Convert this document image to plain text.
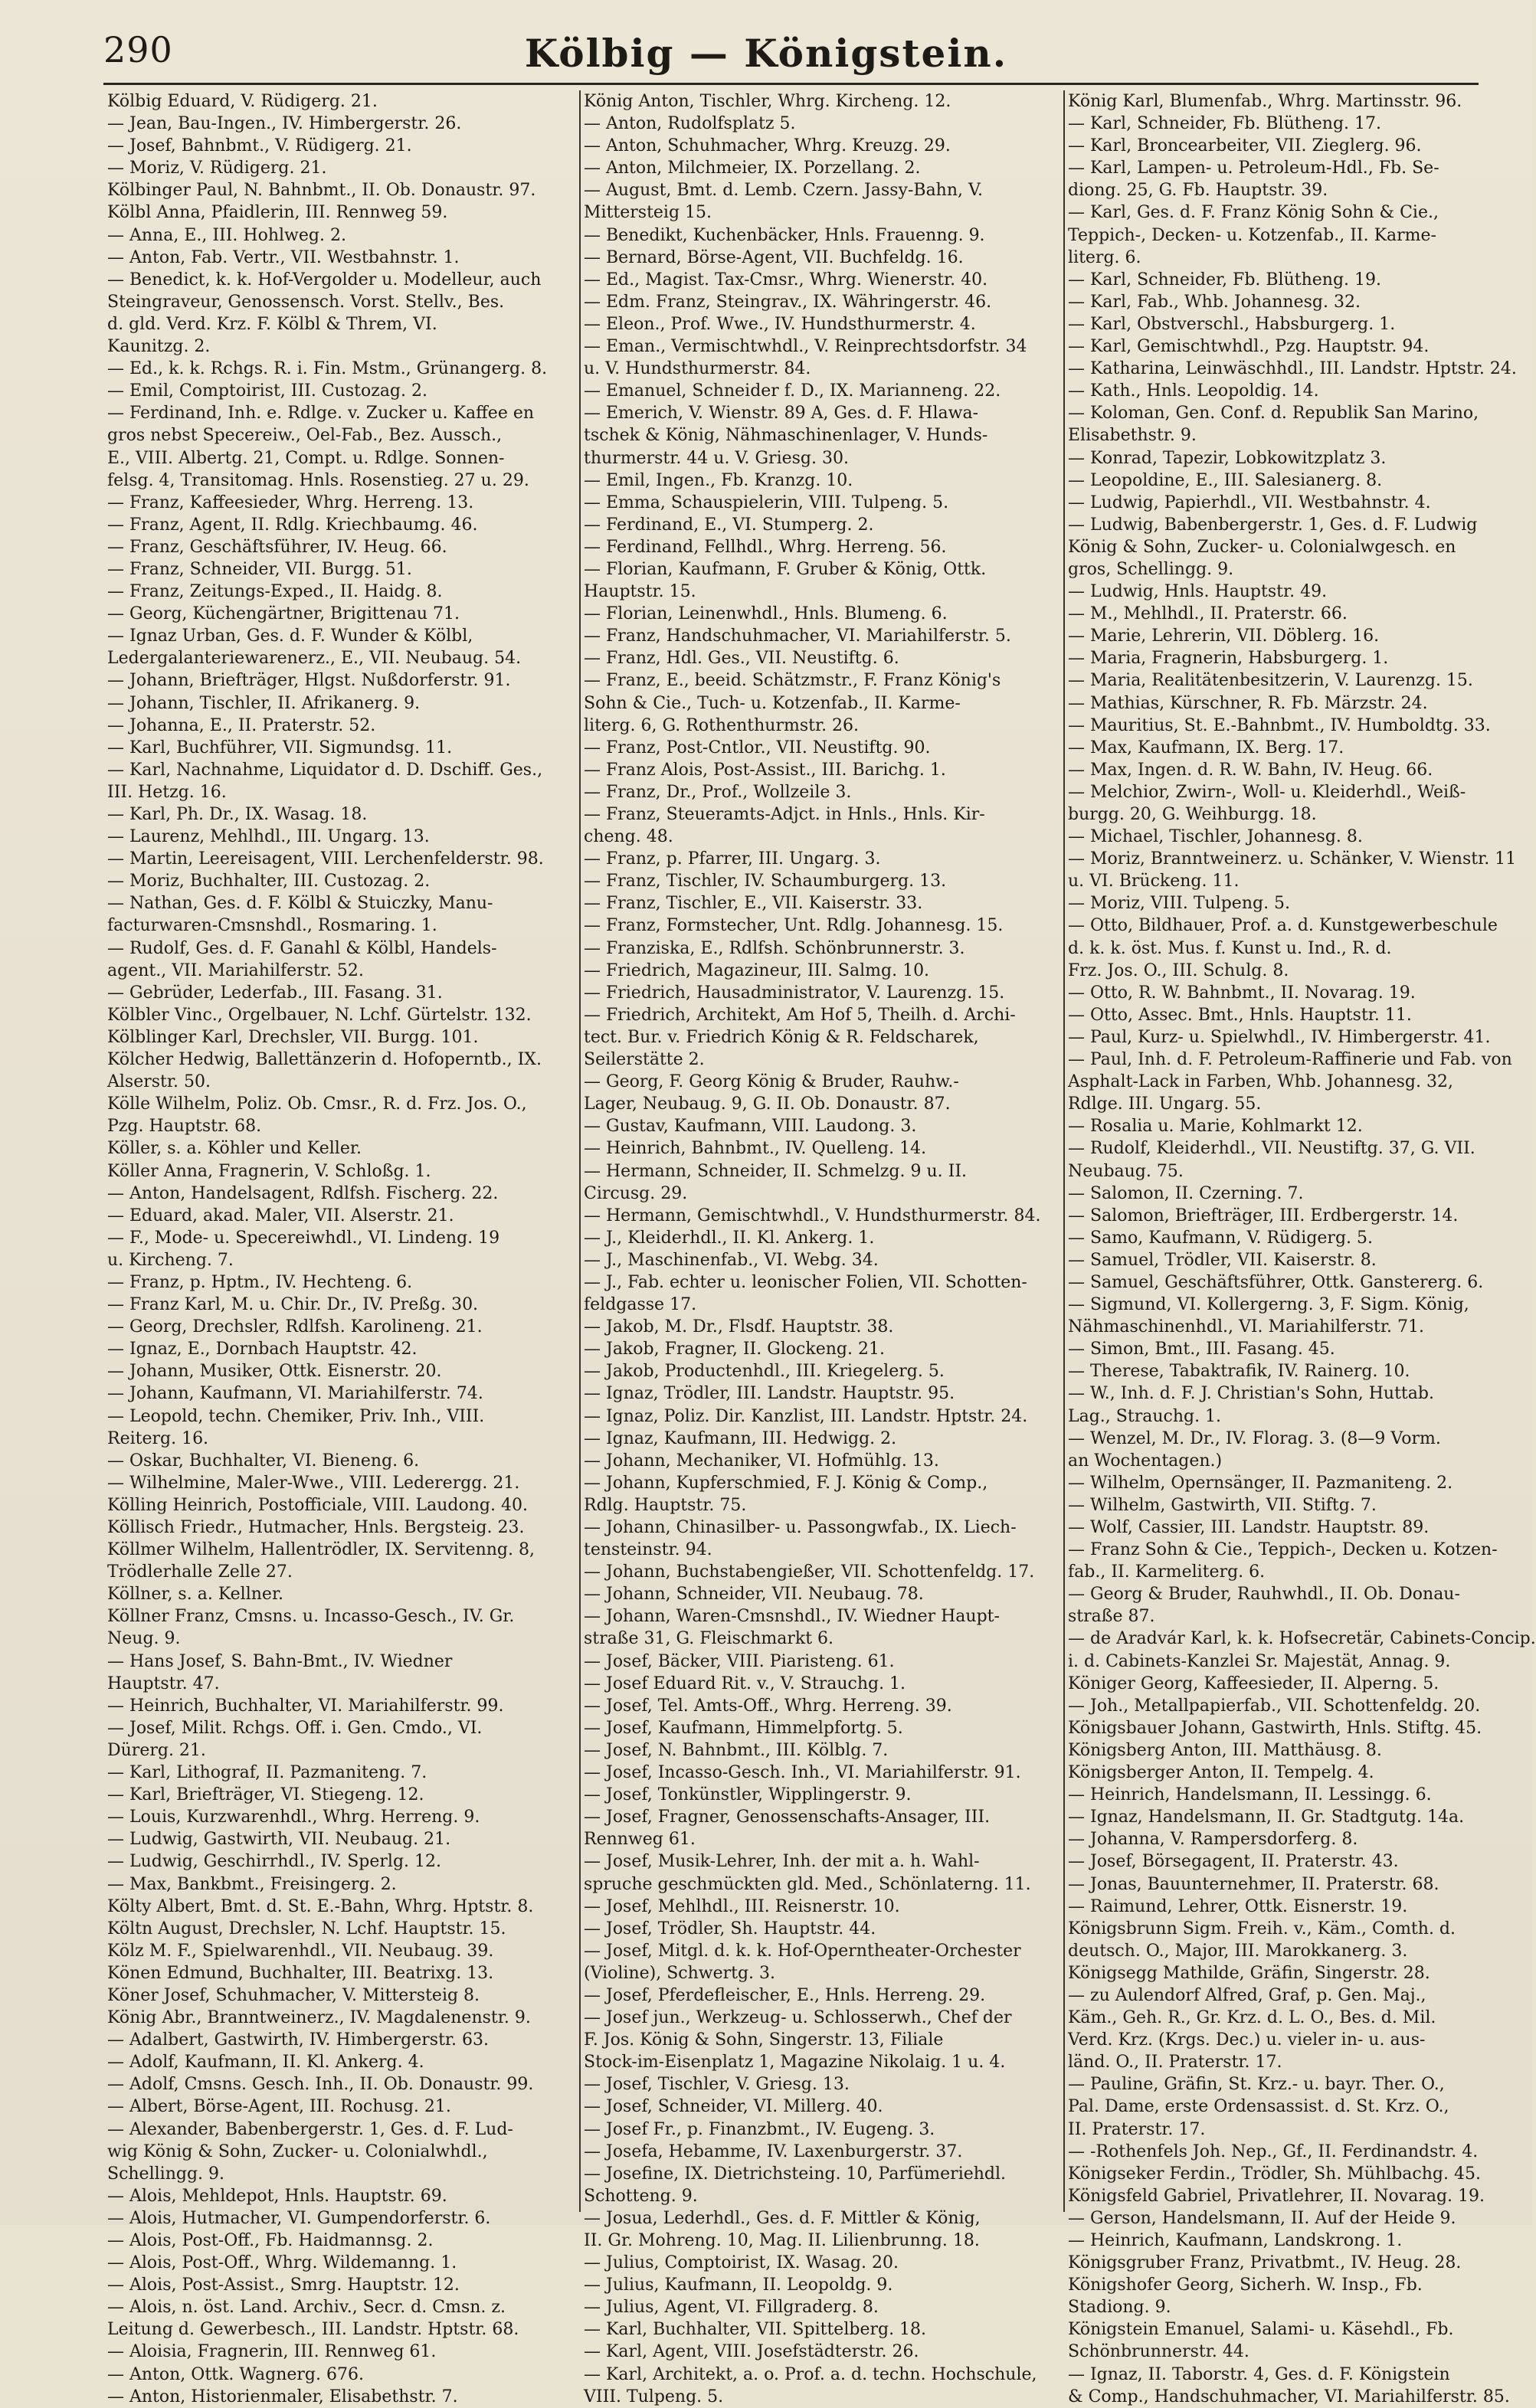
290	Kölbig — Königstein.
Kölbig Eduard, V. Rüdigerg. 21.
— Jean, Bau-Ingen., IV. Himbergerstr. 26.
— Josef, Bahnbmt., V. Rüdigerg. 21.
— Moriz, V. Rüdigerg. 21.
Kölbinger Paul, N. Bahnbmt., II. Ob. Donaustr. 97.
Kölbl Anna, Pfaidlerin, III. Rennweg 59.
— Anna, E., III. Hohlweg. 2.
— Anton, Fab. Vertr., VII. Westbahnstr. 1.
— Benedict, k. k. Hof-Vergolder u. Modelleur, auch
Steingraveur, Genossensch. Vorst. Stellv., Bes.
d. gld. Verd. Krz. F. Kölbl & Threm, VI.
Kaunitzg. 2.
— Ed., k. k. Rchgs. R. i. Fin. Mstm., Grünangerg. 8.
— Emil, Comptoirist, III. Custozag. 2.
— Ferdinand, Inh. e. Rdlge. v. Zucker u. Kaffee en
gros nebst Specereiw., Oel-Fab., Bez. Aussch.,
E., VIII. Albertg. 21, Compt. u. Rdlge. Sonnen-
felsg. 4, Transitomag. Hnls. Rosenstieg. 27 u. 29.
— Franz, Kaffeesieder, Whrg. Herreng. 13.
— Franz, Agent, II. Rdlg. Kriechbaumg. 46.
— Franz, Geschäftsführer, IV. Heug. 66.
— Franz, Schneider, VII. Burgg. 51.
— Franz, Zeitungs-Exped., II. Haidg. 8.
— Georg, Küchengärtner, Brigittenau 71.
— Ignaz Urban, Ges. d. F. Wunder & Kölbl,
Ledergalanteriewarenerz., E., VII. Neubaug. 54.
— Johann, Briefträger, Hlgst. Nußdorferstr. 91.
— Johann, Tischler, II. Afrikanerg. 9.
— Johanna, E., II. Praterstr. 52.
— Karl, Buchführer, VII. Sigmundsg. 11.
— Karl, Nachnahme, Liquidator d. D. Dschiff. Ges.,
III. Hetzg. 16.
— Karl, Ph. Dr., IX. Wasag. 18.
— Laurenz, Mehlhdl., III. Ungarg. 13.
— Martin, Leereisagent, VIII. Lerchenfelderstr. 98.
— Moriz, Buchhalter, III. Custozag. 2.
— Nathan, Ges. d. F. Kölbl & Stuiczky, Manu-
facturwaren-Cmsnshdl., Rosmaring. 1.
— Rudolf, Ges. d. F. Ganahl & Kölbl, Handels-
agent., VII. Mariahilferstr. 52.
— Gebrüder, Lederfab., III. Fasang. 31.
Kölbler Vinc., Orgelbauer, N. Lchf. Gürtelstr. 132.
Kölblinger Karl, Drechsler, VII. Burgg. 101.
Kölcher Hedwig, Ballettänzerin d. Hofoperntb., IX.
Alserstr. 50.
Kölle Wilhelm, Poliz. Ob. Cmsr., R. d. Frz. Jos. O.,
Pzg. Hauptstr. 68.
Köller, s. a. Köhler und Keller.
Köller Anna, Fragnerin, V. Schloßg. 1.
— Anton, Handelsagent, Rdlfsh. Fischerg. 22.
— Eduard, akad. Maler, VII. Alserstr. 21.
— F., Mode- u. Specereiwhdl., VI. Lindeng. 19
u. Kircheng. 7.
— Franz, p. Hptm., IV. Hechteng. 6.
— Franz Karl, M. u. Chir. Dr., IV. Preßg. 30.
— Georg, Drechsler, Rdlfsh. Karolineng. 21.
— Ignaz, E., Dornbach Hauptstr. 42.
— Johann, Musiker, Ottk. Eisnerstr. 20.
— Johann, Kaufmann, VI. Mariahilferstr. 74.
— Leopold, techn. Chemiker, Priv. Inh., VIII.
Reiterg. 16.
— Oskar, Buchhalter, VI. Bieneng. 6.
— Wilhelmine, Maler-Wwe., VIII. Lederergg. 21.
Kölling Heinrich, Postofficiale, VIII. Laudong. 40.
Köllisch Friedr., Hutmacher, Hnls. Bergsteig. 23.
Köllmer Wilhelm, Hallentrödler, IX. Servitenng. 8,
Trödlerhalle Zelle 27.
Köllner, s. a. Kellner.
Köllner Franz, Cmsns. u. Incasso-Gesch., IV. Gr.
Neug. 9.
— Hans Josef, S. Bahn-Bmt., IV. Wiedner
Hauptstr. 47.
— Heinrich, Buchhalter, VI. Mariahilferstr. 99.
— Josef, Milit. Rchgs. Off. i. Gen. Cmdo., VI.
Dürerg. 21.
— Karl, Lithograf, II. Pazmaniteng. 7.
— Karl, Briefträger, VI. Stiegeng. 12.
— Louis, Kurzwarenhdl., Whrg. Herreng. 9.
— Ludwig, Gastwirth, VII. Neubaug. 21.
— Ludwig, Geschirrhdl., IV. Sperlg. 12.
— Max, Bankbmt., Freisingerg. 2.
Költy Albert, Bmt. d. St. E.-Bahn, Whrg. Hptstr. 8.
Költn August, Drechsler, N. Lchf. Hauptstr. 15.
Kölz M. F., Spielwarenhdl., VII. Neubaug. 39.
Könen Edmund, Buchhalter, III. Beatrixg. 13.
Köner Josef, Schuhmacher, V. Mittersteig 8.
König Abr., Branntweinerz., IV. Magdalenenstr. 9.
— Adalbert, Gastwirth, IV. Himbergerstr. 63.
— Adolf, Kaufmann, II. Kl. Ankerg. 4.
— Adolf, Cmsns. Gesch. Inh., II. Ob. Donaustr. 99.
— Albert, Börse-Agent, III. Rochusg. 21.
— Alexander, Babenbergerstr. 1, Ges. d. F. Lud-
wig König & Sohn, Zucker- u. Colonialwhdl.,
Schellingg. 9.
— Alois, Mehldepot, Hnls. Hauptstr. 69.
— Alois, Hutmacher, VI. Gumpendorferstr. 6.
— Alois, Post-Off., Fb. Haidmannsg. 2.
— Alois, Post-Off., Whrg. Wildemanng. 1.
— Alois, Post-Assist., Smrg. Hauptstr. 12.
— Alois, n. öst. Land. Archiv., Secr. d. Cmsn. z.
Leitung d. Gewerbesch., III. Landstr. Hptstr. 68.
— Aloisia, Fragnerin, III. Rennweg 61.
— Anton, Ottk. Wagnerg. 676.
— Anton, Historienmaler, Elisabethstr. 7.
König Anton, Tischler, Whrg. Kircheng. 12.
— Anton, Rudolfsplatz 5.
— Anton, Schuhmacher, Whrg. Kreuzg. 29.
— Anton, Milchmeier, IX. Porzellang. 2.
— August, Bmt. d. Lemb. Czern. Jassy-Bahn, V.
Mittersteig 15.
— Benedikt, Kuchenbäcker, Hnls. Frauenng. 9.
— Bernard, Börse-Agent, VII. Buchfeldg. 16.
— Ed., Magist. Tax-Cmsr., Whrg. Wienerstr. 40.
— Edm. Franz, Steingrav., IX. Währingerstr. 46.
— Eleon., Prof. Wwe., IV. Hundsthurmerstr. 4.
— Eman., Vermischtwhdl., V. Reinprechtsdorfstr. 34
u. V. Hundsthurmerstr. 84.
— Emanuel, Schneider f. D., IX. Marianneng. 22.
— Emerich, V. Wienstr. 89 A, Ges. d. F. Hlawa-
tschek & König, Nähmaschinenlager, V. Hunds-
thurmerstr. 44 u. V. Griesg. 30.
— Emil, Ingen., Fb. Kranzg. 10.
— Emma, Schauspielerin, VIII. Tulpeng. 5.
— Ferdinand, E., VI. Stumperg. 2.
— Ferdinand, Fellhdl., Whrg. Herreng. 56.
— Florian, Kaufmann, F. Gruber & König, Ottk.
Hauptstr. 15.
— Florian, Leinenwhdl., Hnls. Blumeng. 6.
— Franz, Handschuhmacher, VI. Mariahilferstr. 5.
— Franz, Hdl. Ges., VII. Neustiftg. 6.
— Franz, E., beeid. Schätzmstr., F. Franz König's
Sohn & Cie., Tuch- u. Kotzenfab., II. Karme-
literg. 6, G. Rothenthurmstr. 26.
— Franz, Post-Cntlor., VII. Neustiftg. 90.
— Franz Alois, Post-Assist., III. Barichg. 1.
— Franz, Dr., Prof., Wollzeile 3.
— Franz, Steueramts-Adjct. in Hnls., Hnls. Kir-
cheng. 48.
— Franz, p. Pfarrer, III. Ungarg. 3.
— Franz, Tischler, IV. Schaumburgerg. 13.
— Franz, Tischler, E., VII. Kaiserstr. 33.
— Franz, Formstecher, Unt. Rdlg. Johannesg. 15.
— Franziska, E., Rdlfsh. Schönbrunnerstr. 3.
— Friedrich, Magazineur, III. Salmg. 10.
— Friedrich, Hausadministrator, V. Laurenzg. 15.
— Friedrich, Architekt, Am Hof 5, Theilh. d. Archi-
tect. Bur. v. Friedrich König & R. Feldscharek,
Seilerstätte 2.
— Georg, F. Georg König & Bruder, Rauhw.-
Lager, Neubaug. 9, G. II. Ob. Donaustr. 87.
— Gustav, Kaufmann, VIII. Laudong. 3.
— Heinrich, Bahnbmt., IV. Quelleng. 14.
— Hermann, Schneider, II. Schmelzg. 9 u. II.
Circusg. 29.
— Hermann, Gemischtwhdl., V. Hundsthurmerstr. 84.
— J., Kleiderhdl., II. Kl. Ankerg. 1.
— J., Maschinenfab., VI. Webg. 34.
— J., Fab. echter u. leonischer Folien, VII. Schotten-
feldgasse 17.
— Jakob, M. Dr., Flsdf. Hauptstr. 38.
— Jakob, Fragner, II. Glockeng. 21.
— Jakob, Productenhdl., III. Kriegelerg. 5.
— Ignaz, Trödler, III. Landstr. Hauptstr. 95.
— Ignaz, Poliz. Dir. Kanzlist, III. Landstr. Hptstr. 24.
— Ignaz, Kaufmann, III. Hedwigg. 2.
— Johann, Mechaniker, VI. Hofmühlg. 13.
— Johann, Kupferschmied, F. J. König & Comp.,
Rdlg. Hauptstr. 75.
— Johann, Chinasilber- u. Passongwfab., IX. Liech-
tensteinstr. 94.
— Johann, Buchstabengießer, VII. Schottenfeldg. 17.
— Johann, Schneider, VII. Neubaug. 78.
— Johann, Waren-Cmsnshdl., IV. Wiedner Haupt-
straße 31, G. Fleischmarkt 6.
— Josef, Bäcker, VIII. Piaristeng. 61.
— Josef Eduard Rit. v., V. Strauchg. 1.
— Josef, Tel. Amts-Off., Whrg. Herreng. 39.
— Josef, Kaufmann, Himmelpfortg. 5.
— Josef, N. Bahnbmt., III. Kölblg. 7.
— Josef, Incasso-Gesch. Inh., VI. Mariahilferstr. 91.
— Josef, Tonkünstler, Wipplingerstr. 9.
— Josef, Fragner, Genossenschafts-Ansager, III.
Rennweg 61.
— Josef, Musik-Lehrer, Inh. der mit a. h. Wahl-
spruche geschmückten gld. Med., Schönlaterng. 11.
— Josef, Mehlhdl., III. Reisnerstr. 10.
— Josef, Trödler, Sh. Hauptstr. 44.
— Josef, Mitgl. d. k. k. Hof-Operntheater-Orchester
(Violine), Schwertg. 3.
— Josef, Pferdefleischer, E., Hnls. Herreng. 29.
— Josef jun., Werkzeug- u. Schlosserwh., Chef der
F. Jos. König & Sohn, Singerstr. 13, Filiale
Stock-im-Eisenplatz 1, Magazine Nikolaig. 1 u. 4.
— Josef, Tischler, V. Griesg. 13.
— Josef, Schneider, VI. Millerg. 40.
— Josef Fr., p. Finanzbmt., IV. Eugeng. 3.
— Josefa, Hebamme, IV. Laxenburgerstr. 37.
— Josefine, IX. Dietrichsteing. 10, Parfümeriehdl.
Schotteng. 9.
— Josua, Lederhdl., Ges. d. F. Mittler & König,
II. Gr. Mohreng. 10, Mag. II. Lilienbrunng. 18.
— Julius, Comptoirist, IX. Wasag. 20.
— Julius, Kaufmann, II. Leopoldg. 9.
— Julius, Agent, VI. Fillgraderg. 8.
— Karl, Buchhalter, VII. Spittelberg. 18.
— Karl, Agent, VIII. Josefstädterstr. 26.
— Karl, Architekt, a. o. Prof. a. d. techn. Hochschule,
VIII. Tulpeng. 5.
König Karl, Blumenfab., Whrg. Martinsstr. 96.
— Karl, Schneider, Fb. Blütheng. 17.
— Karl, Broncearbeiter, VII. Zieglerg. 96.
— Karl, Lampen- u. Petroleum-Hdl., Fb. Se-
diong. 25, G. Fb. Hauptstr. 39.
— Karl, Ges. d. F. Franz König Sohn & Cie.,
Teppich-, Decken- u. Kotzenfab., II. Karme-
literg. 6.
— Karl, Schneider, Fb. Blütheng. 19.
— Karl, Fab., Whb. Johannesg. 32.
— Karl, Obstverschl., Habsburgerg. 1.
— Karl, Gemischtwhdl., Pzg. Hauptstr. 94.
— Katharina, Leinwäschhdl., III. Landstr. Hptstr. 24.
— Kath., Hnls. Leopoldig. 14.
— Koloman, Gen. Conf. d. Republik San Marino,
Elisabethstr. 9.
— Konrad, Tapezir, Lobkowitzplatz 3.
— Leopoldine, E., III. Salesianerg. 8.
— Ludwig, Papierhdl., VII. Westbahnstr. 4.
— Ludwig, Babenbergerstr. 1, Ges. d. F. Ludwig
König & Sohn, Zucker- u. Colonialwgesch. en
gros, Schellingg. 9.
— Ludwig, Hnls. Hauptstr. 49.
— M., Mehlhdl., II. Praterstr. 66.
— Marie, Lehrerin, VII. Döblerg. 16.
— Maria, Fragnerin, Habsburgerg. 1.
— Maria, Realitätenbesitzerin, V. Laurenzg. 15.
— Mathias, Kürschner, R. Fb. Märzstr. 24.
— Mauritius, St. E.-Bahnbmt., IV. Humboldtg. 33.
— Max, Kaufmann, IX. Berg. 17.
— Max, Ingen. d. R. W. Bahn, IV. Heug. 66.
— Melchior, Zwirn-, Woll- u. Kleiderhdl., Weiß-
burgg. 20, G. Weihburgg. 18.
— Michael, Tischler, Johannesg. 8.
— Moriz, Branntweinerz. u. Schänker, V. Wienstr. 11
u. VI. Brückeng. 11.
— Moriz, VIII. Tulpeng. 5.
— Otto, Bildhauer, Prof. a. d. Kunstgewerbeschule
d. k. k. öst. Mus. f. Kunst u. Ind., R. d.
Frz. Jos. O., III. Schulg. 8.
— Otto, R. W. Bahnbmt., II. Novarag. 19.
— Otto, Assec. Bmt., Hnls. Hauptstr. 11.
— Paul, Kurz- u. Spielwhdl., IV. Himbergerstr. 41.
— Paul, Inh. d. F. Petroleum-Raffinerie und Fab. von
Asphalt-Lack in Farben, Whb. Johannesg. 32,
Rdlge. III. Ungarg. 55.
— Rosalia u. Marie, Kohlmarkt 12.
— Rudolf, Kleiderhdl., VII. Neustiftg. 37, G. VII.
Neubaug. 75.
— Salomon, II. Czerning. 7.
— Salomon, Briefträger, III. Erdbergerstr. 14.
— Samo, Kaufmann, V. Rüdigerg. 5.
— Samuel, Trödler, VII. Kaiserstr. 8.
— Samuel, Geschäftsführer, Ottk. Ganstererg. 6.
— Sigmund, VI. Kollergerng. 3, F. Sigm. König,
Nähmaschinenhdl., VI. Mariahilferstr. 71.
— Simon, Bmt., III. Fasang. 45.
— Therese, Tabaktrafik, IV. Rainerg. 10.
— W., Inh. d. F. J. Christian's Sohn, Huttab.
Lag., Strauchg. 1.
— Wenzel, M. Dr., IV. Florag. 3. (8—9 Vorm.
an Wochentagen.)
— Wilhelm, Opernsänger, II. Pazmaniteng. 2.
— Wilhelm, Gastwirth, VII. Stiftg. 7.
— Wolf, Cassier, III. Landstr. Hauptstr. 89.
— Franz Sohn & Cie., Teppich-, Decken u. Kotzen-
fab., II. Karmeliterg. 6.
— Georg & Bruder, Rauhwhdl., II. Ob. Donau-
straße 87.
— de Aradvár Karl, k. k. Hofsecretär, Cabinets-Concip.
i. d. Cabinets-Kanzlei Sr. Majestät, Annag. 9.
Königer Georg, Kaffeesieder, II. Alperng. 5.
— Joh., Metallpapierfab., VII. Schottenfeldg. 20.
Königsbauer Johann, Gastwirth, Hnls. Stiftg. 45.
Königsberg Anton, III. Matthäusg. 8.
Königsberger Anton, II. Tempelg. 4.
— Heinrich, Handelsmann, II. Lessingg. 6.
— Ignaz, Handelsmann, II. Gr. Stadtgutg. 14a.
— Johanna, V. Rampersdorferg. 8.
— Josef, Börsegagent, II. Praterstr. 43.
— Jonas, Bauunternehmer, II. Praterstr. 68.
— Raimund, Lehrer, Ottk. Eisnerstr. 19.
Königsbrunn Sigm. Freih. v., Käm., Comth. d.
deutsch. O., Major, III. Marokkanerg. 3.
Königsegg Mathilde, Gräfin, Singerstr. 28.
— zu Aulendorf Alfred, Graf, p. Gen. Maj.,
Käm., Geh. R., Gr. Krz. d. L. O., Bes. d. Mil.
Verd. Krz. (Krgs. Dec.) u. vieler in- u. aus-
länd. O., II. Praterstr. 17.
— Pauline, Gräfin, St. Krz.- u. bayr. Ther. O.,
Pal. Dame, erste Ordensassist. d. St. Krz. O.,
II. Praterstr. 17.
— -Rothenfels Joh. Nep., Gf., II. Ferdinandstr. 4.
Königseker Ferdin., Trödler, Sh. Mühlbachg. 45.
Königsfeld Gabriel, Privatlehrer, II. Novarag. 19.
— Gerson, Handelsmann, II. Auf der Heide 9.
— Heinrich, Kaufmann, Landskrong. 1.
Königsgruber Franz, Privatbmt., IV. Heug. 28.
Königshofer Georg, Sicherh. W. Insp., Fb.
Stadiong. 9.
Königstein Emanuel, Salami- u. Käsehdl., Fb.
Schönbrunnerstr. 44.
— Ignaz, II. Taborstr. 4, Ges. d. F. Königstein
& Comp., Handschuhmacher, VI. Mariahilferstr. 85.
